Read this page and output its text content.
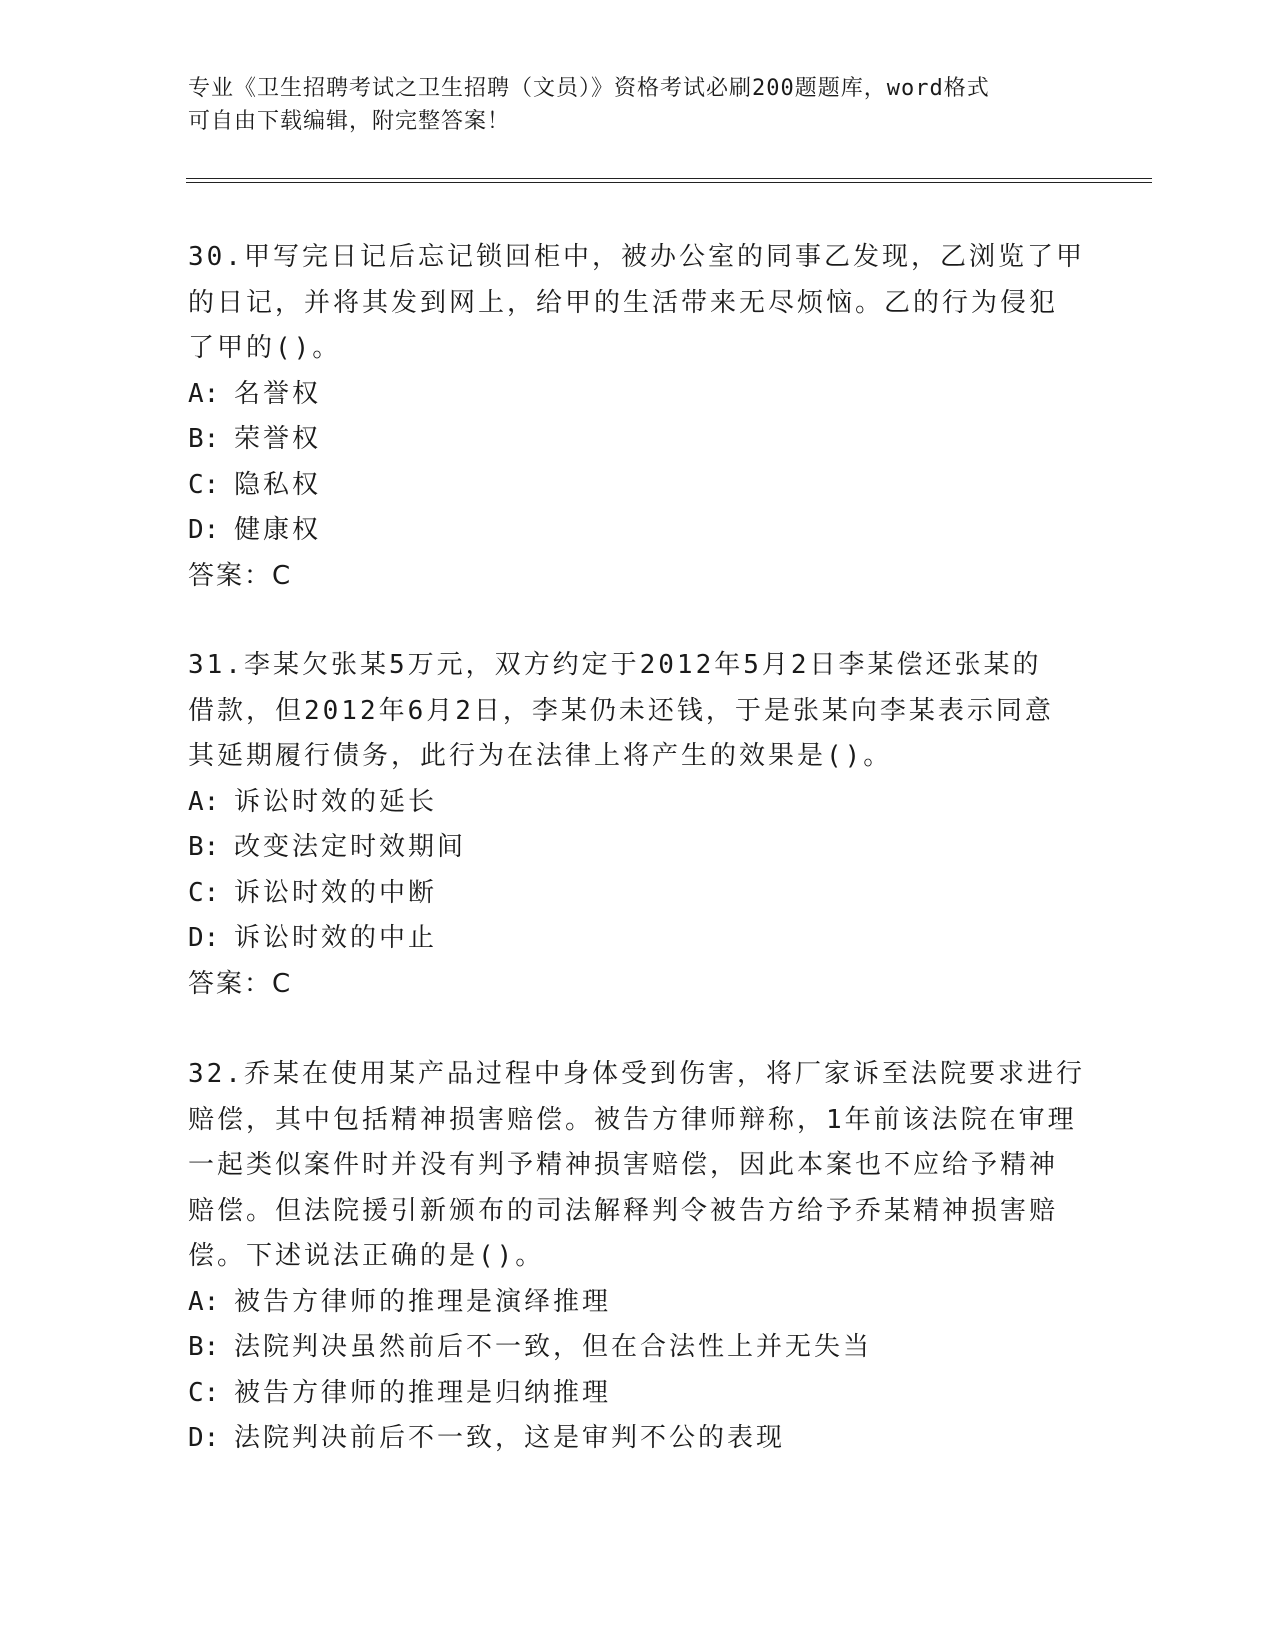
专业《卫生招聘考试之卫生招聘（文员）》资格考试必刷200题题库，word格式
可自由下载编辑，附完整答案！

30.甲写完日记后忘记锁回柜中，被办公室的同事乙发现，乙浏览了甲
的日记，并将其发到网上，给甲的生活带来无尽烦恼。乙的行为侵犯
了甲的()。

A: 名誉权

B: 荣誉权

C: 隐私权

D: 健康权

答案：C

31.李某欠张某5万元，双方约定于2012年5月2日李某偿还张某的
借款，但2012年6月2日，李某仍未还钱，于是张某向李某表示同意
其延期履行债务，此行为在法律上将产生的效果是()。

A: 诉讼时效的延长

B: 改变法定时效期间

C: 诉讼时效的中断

D: 诉讼时效的中止

答案：C

32.乔某在使用某产品过程中身体受到伤害，将厂家诉至法院要求进行
赔偿，其中包括精神损害赔偿。被告方律师辩称，1年前该法院在审理
一起类似案件时并没有判予精神损害赔偿，因此本案也不应给予精神
赔偿。但法院援引新颁布的司法解释判令被告方给予乔某精神损害赔
偿。下述说法正确的是()。

A: 被告方律师的推理是演绎推理

B: 法院判决虽然前后不一致，但在合法性上并无失当

C: 被告方律师的推理是归纳推理

D: 法院判决前后不一致，这是审判不公的表现
